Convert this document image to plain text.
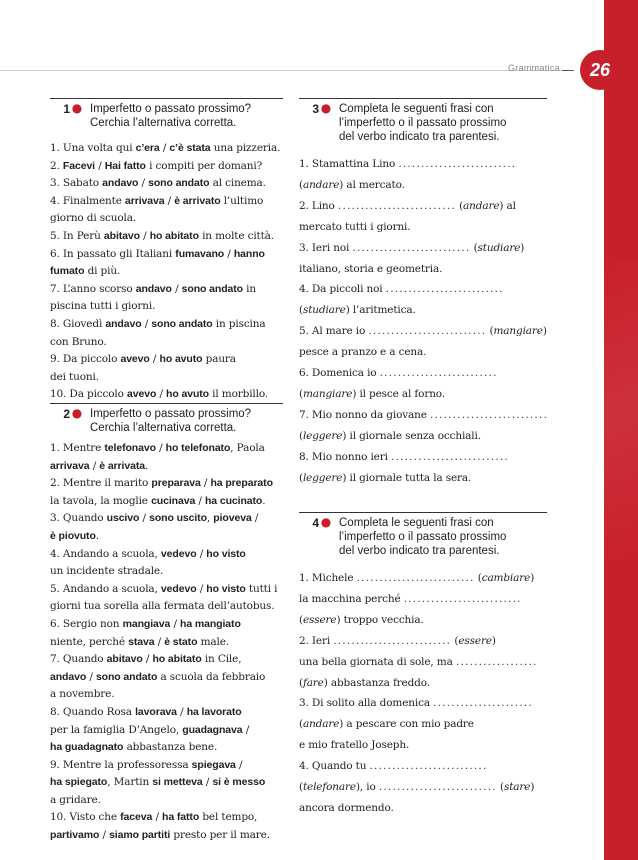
Grammatica	26
1 ● Imperfetto o passato prossimo?
Cerchia l’alternativa corretta.
1. Una volta qui c’era / c’è stata una pizzeria.
2. Facevi / Hai fatto i compiti per domani?
3. Sabato andavo / sono andato al cinema.
4. Finalmente arrivava / è arrivato l’ultimo
giorno di scuola.
5. In Perù abitavo / ho abitato in molte città.
6. In passato gli Italiani fumavano / hanno
fumato di più.
7. L’anno scorso andavo / sono andato in
piscina tutti i giorni.
8. Giovedì andavo / sono andato in piscina
con Bruno.
9. Da piccolo avevo / ho avuto paura
dei tuoni.
10. Da piccolo avevo / ho avuto il morbillo.
2 ● Imperfetto o passato prossimo?
Cerchia l’alternativa corretta.
1. Mentre telefonavo / ho telefonato, Paola
arrivava / è arrivata.
2. Mentre il marito preparava / ha preparato
la tavola, la moglie cucinava / ha cucinato.
3. Quando uscivo / sono uscito, pioveva /
è piovuto.
4. Andando a scuola, vedevo / ho visto
un incidente stradale.
5. Andando a scuola, vedevo / ho visto tutti i
giorni tua sorella alla fermata dell’autobus.
6. Sergio non mangiava / ha mangiato
niente, perché stava / è stato male.
7. Quando abitavo / ho abitato in Cile,
andavo / sono andato a scuola da febbraio
a novembre.
8. Quando Rosa lavorava / ha lavorato
per la famiglia D’Angelo, guadagnava /
ha guadagnato abbastanza bene.
9. Mentre la professoressa spiegava /
ha spiegato, Martin si metteva / si è messo
a gridare.
10. Visto che faceva / ha fatto bel tempo,
partivamo / siamo partiti presto per il mare.
3 ● Completa le seguenti frasi con
l’imperfetto o il passato prossimo
del verbo indicato tra parentesi.
1. Stamattina Lino ..........................
(andare) al mercato.
2. Lino .......................... (andare) al
mercato tutti i giorni.
3. Ieri noi .......................... (studiare)
italiano, storia e geometria.
4. Da piccoli noi ..........................
(studiare) l’aritmetica.
5. Al mare io .......................... (mangiare)
pesce a pranzo e a cena.
6. Domenica io ..........................
(mangiare) il pesce al forno.
7. Mio nonno da giovane ..........................
(leggere) il giornale senza occhiali.
8. Mio nonno ieri ..........................
(leggere) il giornale tutta la sera.
4 ● Completa le seguenti frasi con
l’imperfetto o il passato prossimo
del verbo indicato tra parentesi.
1. Michele .......................... (cambiare)
la macchina perché ..........................
(essere) troppo vecchia.
2. Ieri .......................... (essere)
una bella giornata di sole, ma ..................
(fare) abbastanza freddo.
3. Di solito alla domenica ......................
(andare) a pescare con mio padre
e mio fratello Joseph.
4. Quando tu ..........................
(telefonare), io .......................... (stare)
ancora dormendo.
